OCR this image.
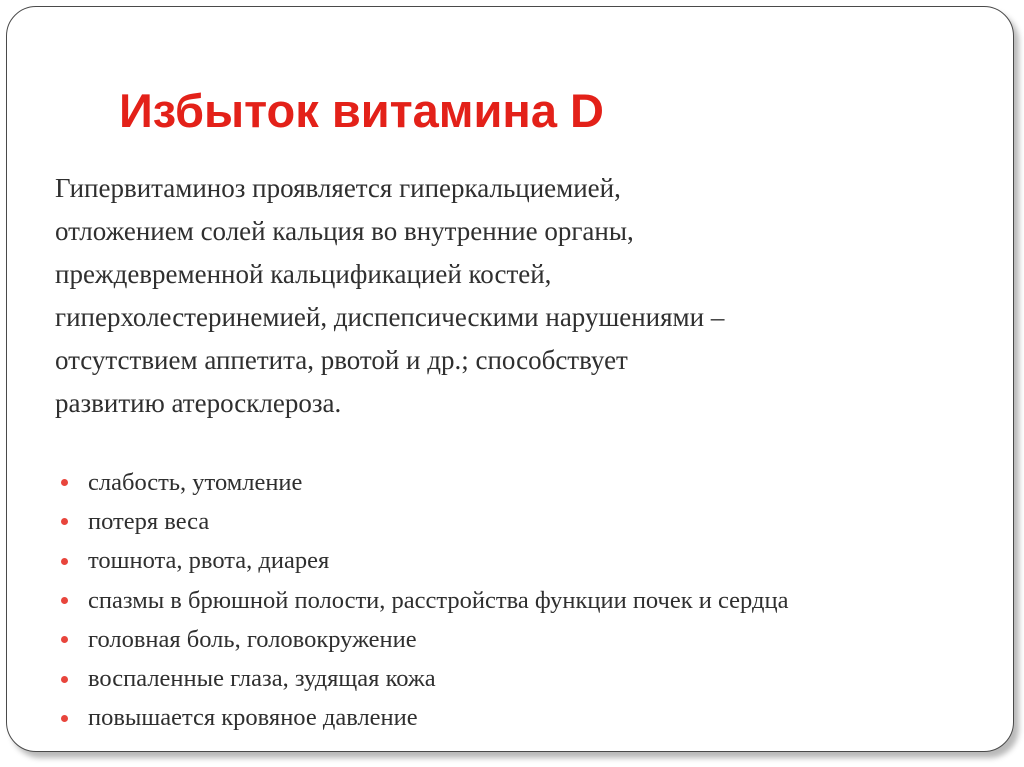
Избыток витамина D

Гипервитаминоз проявляется гиперкальциемией,
отложением солей кальция во внутренние органы,
преждевременной кальцификацией костей,
гиперхолестеринемией, диспепсическими нарушениями –
отсутствием аппетита, рвотой и др.; способствует
развитию атеросклероза.

слабость, утомление
потеря веса
тошнота, рвота, диарея
спазмы в брюшной полости, расстройства функции почек и сердца
головная боль, головокружение
воспаленные глаза, зудящая кожа
повышается кровяное давление
